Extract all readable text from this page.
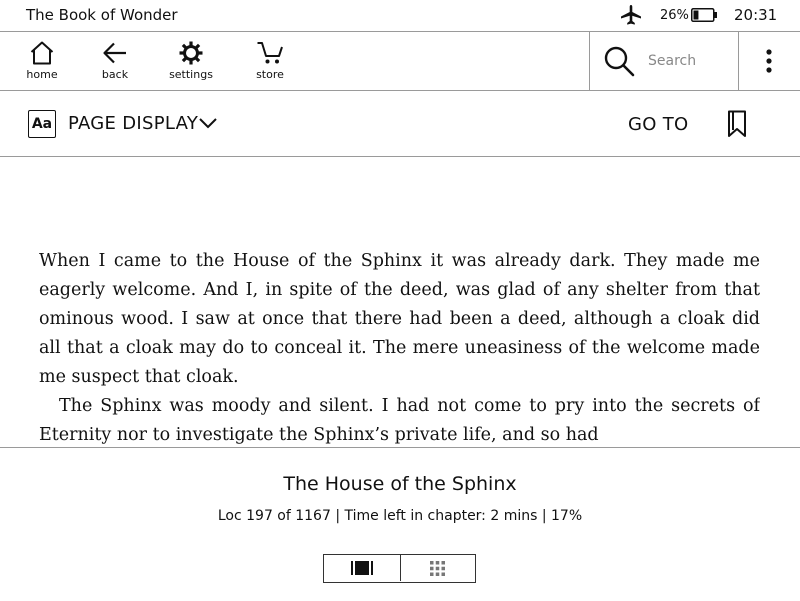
The Book of Wonder	26%	20:31
home	back	settings	store
Search
Aa PAGE DISPLAY	GO TO

When I came to the House of the Sphinx it was already dark. They made me eagerly welcome. And I, in spite of the deed, was glad of any shelter from that ominous wood. I saw at once that there had been a deed, although a cloak did all that a cloak may do to conceal it. The mere uneasiness of the welcome made me suspect that cloak.

The Sphinx was moody and silent. I had not come to pry into the secrets of Eternity nor to investigate the Sphinx’s private life, and so had

The House of the Sphinx
Loc 197 of 1167 | Time left in chapter: 2 mins | 17%
